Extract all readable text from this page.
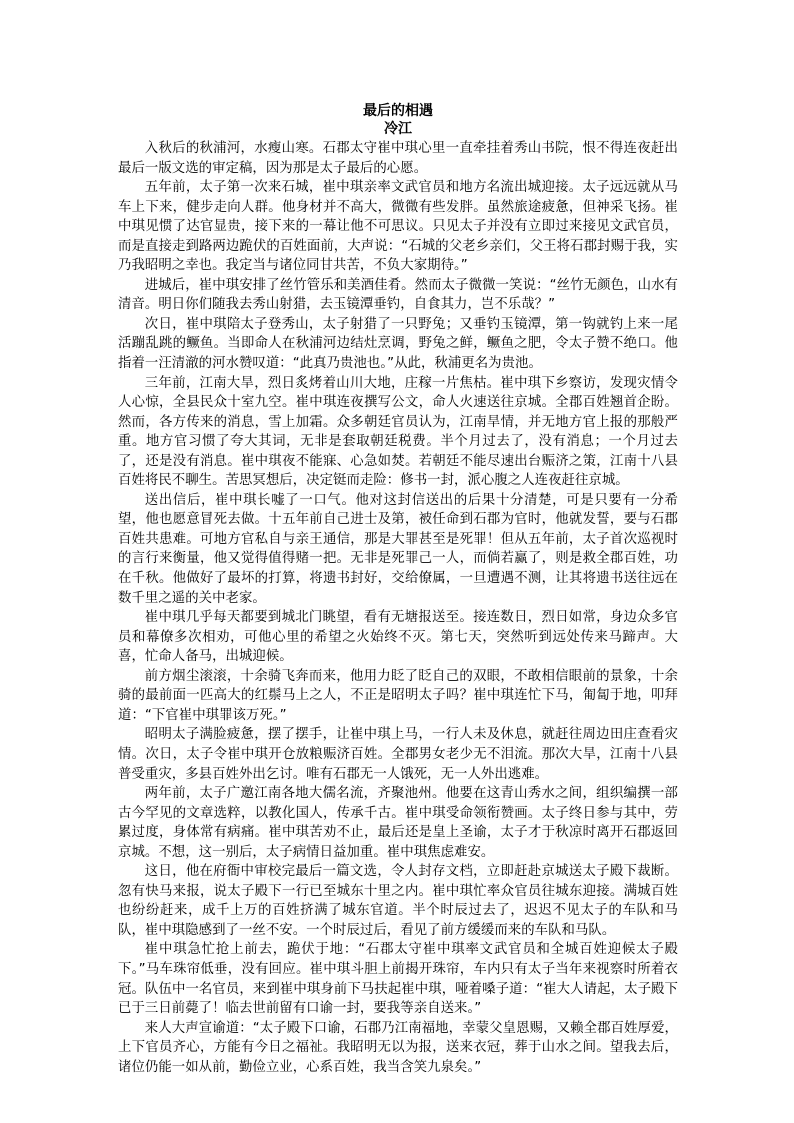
最后的相遇
冷江

入秋后的秋浦河，水瘦山寒。石郡太守崔中琪心里一直牵挂着秀山书院，恨不得连夜赶出最后一版文选的审定稿，因为那是太子最后的心愿。

五年前，太子第一次来石城，崔中琪亲率文武官员和地方名流出城迎接。太子远远就从马车上下来，健步走向人群。他身材并不高大，微微有些发胖。虽然旅途疲惫，但神采飞扬。崔中琪见惯了达官显贵，接下来的一幕让他不可思议。只见太子并没有立即过来接见文武官员，而是直接走到路两边跪伏的百姓面前，大声说：“石城的父老乡亲们，父王将石郡封赐于我，实乃我昭明之幸也。我定当与诸位同甘共苦，不负大家期待。”

进城后，崔中琪安排了丝竹管乐和美酒佳肴。然而太子微微一笑说：“丝竹无颜色，山水有清音。明日你们随我去秀山射猎，去玉镜潭垂钓，自食其力，岂不乐哉？”

次日，崔中琪陪太子登秀山，太子射猎了一只野兔；又垂钓玉镜潭，第一钩就钓上来一尾活蹦乱跳的鳜鱼。当即命人在秋浦河边结灶烹调，野兔之鲜，鳜鱼之肥，令太子赞不绝口。他指着一汪清澈的河水赞叹道：“此真乃贵池也。”从此，秋浦更名为贵池。

三年前，江南大旱，烈日炙烤着山川大地，庄稼一片焦枯。崔中琪下乡察访，发现灾情令人心惊，全县民众十室九空。崔中琪连夜撰写公文，命人火速送往京城。全郡百姓翘首企盼。然而，各方传来的消息，雪上加霜。众多朝廷官员认为，江南旱情，并无地方官上报的那般严重。地方官习惯了夸大其词，无非是套取朝廷税费。半个月过去了，没有消息；一个月过去了，还是没有消息。崔中琪夜不能寐、心急如焚。若朝廷不能尽速出台赈济之策，江南十八县百姓将民不聊生。苦思冥想后，决定铤而走险：修书一封，派心腹之人连夜赶往京城。

送出信后，崔中琪长嘘了一口气。他对这封信送出的后果十分清楚，可是只要有一分希望，他也愿意冒死去做。十五年前自己进士及第，被任命到石郡为官时，他就发誓，要与石郡百姓共患难。可地方官私自与亲王通信，那是大罪甚至是死罪！但从五年前，太子首次巡视时的言行来衡量，他又觉得值得赌一把。无非是死罪己一人，而倘若赢了，则是救全郡百姓，功在千秋。他做好了最坏的打算，将遗书封好，交给僚属，一旦遭遇不测，让其将遗书送往远在数千里之遥的关中老家。

崔中琪几乎每天都要到城北门眺望，看有无塘报送至。接连数日，烈日如常，身边众多官员和幕僚多次相劝，可他心里的希望之火始终不灭。第七天，突然听到远处传来马蹄声。大喜，忙命人备马，出城迎候。

前方烟尘滚滚，十余骑飞奔而来，他用力眨了眨自己的双眼，不敢相信眼前的景象，十余骑的最前面一匹高大的红鬃马上之人，不正是昭明太子吗？崔中琪连忙下马，匍匐于地，叩拜道：“下官崔中琪罪该万死。”

昭明太子满脸疲惫，摆了摆手，让崔中琪上马，一行人未及休息，就赶往周边田庄查看灾情。次日，太子令崔中琪开仓放粮赈济百姓。全郡男女老少无不泪流。那次大旱，江南十八县普受重灾，多县百姓外出乞讨。唯有石郡无一人饿死，无一人外出逃难。

两年前，太子广邀江南各地大儒名流，齐聚池州。他要在这青山秀水之间，组织编撰一部古今罕见的文章选粹，以教化国人，传承千古。崔中琪受命领衔赞画。太子终日参与其中，劳累过度，身体常有病痛。崔中琪苦劝不止，最后还是皇上圣谕，太子才于秋凉时离开石郡返回京城。不想，这一别后，太子病情日益加重。崔中琪焦虑难安。

这日，他在府衙中审校完最后一篇文选，令人封存文档，立即赶赴京城送太子殿下裁断。忽有快马来报，说太子殿下一行已至城东十里之内。崔中琪忙率众官员往城东迎接。满城百姓也纷纷赶来，成千上万的百姓挤满了城东官道。半个时辰过去了，迟迟不见太子的车队和马队，崔中琪隐感到了一丝不安。一个时辰过后，看见了前方缓缓而来的车队和马队。

崔中琪急忙抢上前去，跪伏于地：“石郡太守崔中琪率文武官员和全城百姓迎候太子殿下。”马车珠帘低垂，没有回应。崔中琪斗胆上前揭开珠帘，车内只有太子当年来视察时所着衣冠。队伍中一名官员，来到崔中琪身前下马扶起崔中琪，哑着嗓子道：“崔大人请起，太子殿下已于三日前薨了！临去世前留有口谕一封，要我等亲自送来。”

来人大声宣谕道：“太子殿下口谕，石郡乃江南福地，幸蒙父皇恩赐，又赖全郡百姓厚爱，上下官员齐心，方能有今日之福祉。我昭明无以为报，送来衣冠，葬于山水之间。望我去后，诸位仍能一如从前，勤俭立业，心系百姓，我当含笑九泉矣。”
